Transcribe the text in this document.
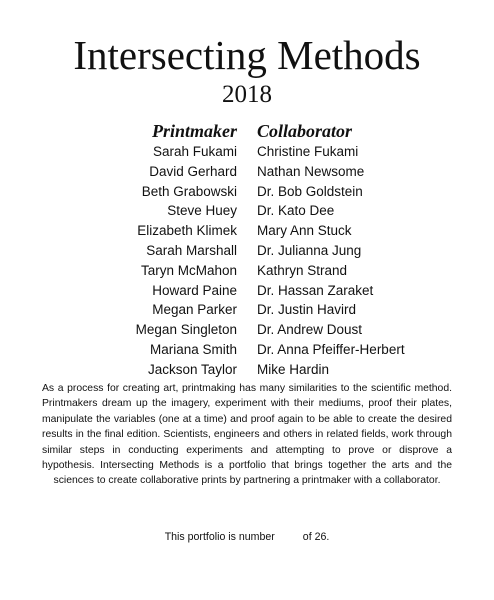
Intersecting Methods
2018
Printmaker Collaborator
Sarah Fukami Christine Fukami
David Gerhard Nathan Newsome
Beth Grabowski Dr. Bob Goldstein
Steve Huey Dr. Kato Dee
Elizabeth Klimek Mary Ann Stuck
Sarah Marshall Dr. Julianna Jung
Taryn McMahon Kathryn Strand
Howard Paine Dr. Hassan Zaraket
Megan Parker Dr. Justin Havird
Megan Singleton Dr. Andrew Doust
Mariana Smith Dr. Anna Pfeiffer-Herbert
Jackson Taylor Mike Hardin
As a process for creating art, printmaking has many similarities to the scientific method. Printmakers dream up the imagery, experiment with their mediums, proof their plates, manipulate the variables (one at a time) and proof again to be able to create the desired results in the final edition. Scientists, engineers and others in related fields, work through similar steps in conducting experiments and attempting to prove or disprove a hypothesis. Intersecting Methods is a portfolio that brings together the arts and the sciences to create collaborative prints by partnering a printmaker with a collaborator.
This portfolio is number	of 26.
